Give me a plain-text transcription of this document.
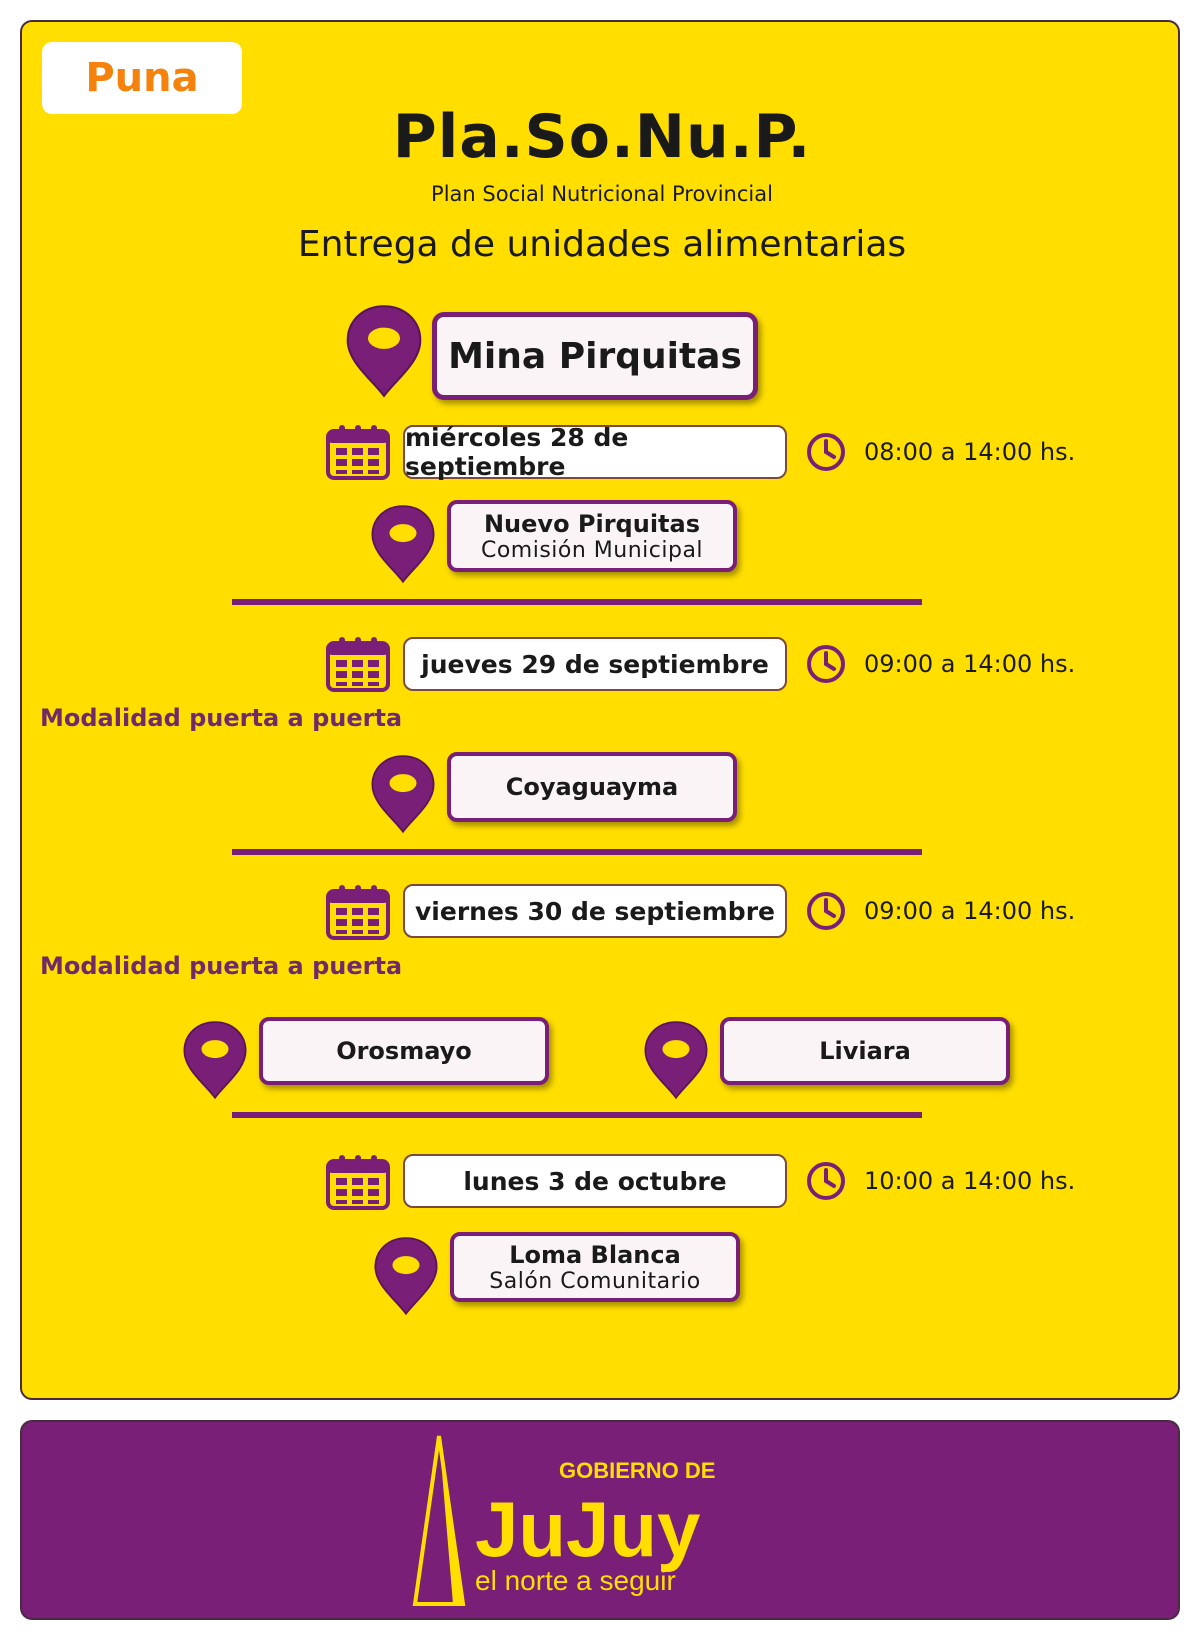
Puna
Pla.So.Nu.P.
Plan Social Nutricional Provincial
Entrega de unidades alimentarias
Mina Pirquitas
miércoles 28 de septiembre	08:00 a 14:00 hs.
Nuevo Pirquitas
Comisión Municipal
jueves 29 de septiembre	09:00 a 14:00 hs.
Modalidad puerta a puerta
Coyaguayma
viernes 30 de septiembre	09:00 a 14:00 hs.
Modalidad puerta a puerta
Orosmayo	Liviara
lunes 3 de octubre	10:00 a 14:00 hs.
Loma Blanca
Salón Comunitario
GOBIERNO DE
JuJuy
el norte a seguir
